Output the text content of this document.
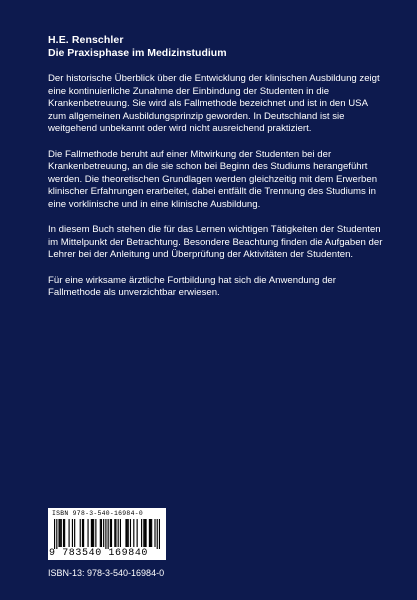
H.E. Renschler
Die Praxisphase im Medizinstudium

Der historische Überblick über die Entwicklung der klinischen Ausbildung zeigt eine kontinuierliche Zunahme der Einbindung der Studenten in die Krankenbetreuung. Sie wird als Fallmethode bezeichnet und ist in den USA zum allgemeinen Ausbildungsprinzip geworden. In Deutschland ist sie weitgehend unbekannt oder wird nicht ausreichend praktiziert.

Die Fallmethode beruht auf einer Mitwirkung der Studenten bei der Krankenbetreuung, an die sie schon bei Beginn des Studiums herangeführt werden. Die theoretischen Grundlagen werden gleichzeitig mit dem Erwerben klinischer Erfahrungen erarbeitet, dabei entfällt die Trennung des Studiums in eine vorklinische und in eine klinische Ausbildung.

In diesem Buch stehen die für das Lernen wichtigen Tätigkeiten der Studenten im Mittelpunkt der Betrachtung. Besondere Beachtung finden die Aufgaben der Lehrer bei der Anleitung und Überprüfung der Aktivitäten der Studenten.

Für eine wirksame ärztliche Fortbildung hat sich die Anwendung der Fallmethode als unverzichtbar erwiesen.

ISBN 978-3-540-16984-0
9 783540 169840
ISBN-13: 978-3-540-16984-0
